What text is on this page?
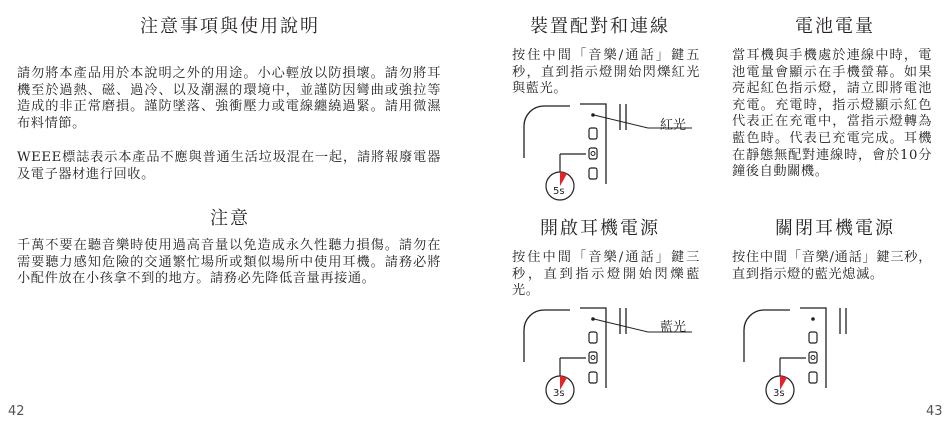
注意事項與使用說明
請勿將本產品用於本說明之外的用途。小心輕放以防損壞。請勿將耳機至於過熱、磁、過冷、以及潮濕的環境中，並謹防因彎曲或強拉等造成的非正常磨損。謹防墜落、強衝壓力或電線纏繞過緊。請用微濕布料情節。
WEEE標誌表示本產品不應與普通生活垃圾混在一起，請將報廢電器及電子器材進行回收。
注意
千萬不要在聽音樂時使用過高音量以免造成永久性聽力損傷。請勿在需要聽力感知危險的交通繁忙場所或類似場所中使用耳機。請務必將小配件放在小孩拿不到的地方。請務必先降低音量再接通。
42
裝置配對和連線
按住中間「音樂/通話」鍵五秒，直到指示燈開始閃爍紅光與藍光。
紅光
5s
電池電量
當耳機與手機處於連線中時，電池電量會顯示在手機螢幕。如果亮起紅色指示燈，請立即將電池充電。充電時，指示燈顯示紅色代表正在充電中，當指示燈轉為藍色時。代表已充電完成。耳機在靜態無配對連線時，會於10分鐘後自動關機。
開啟耳機電源
按住中間「音樂/通話」鍵三秒，直到指示燈開始閃爍藍光。
藍光
3s
關閉耳機電源
按住中間「音樂/通話」鍵三秒，直到指示燈的藍光熄滅。
3s
43
